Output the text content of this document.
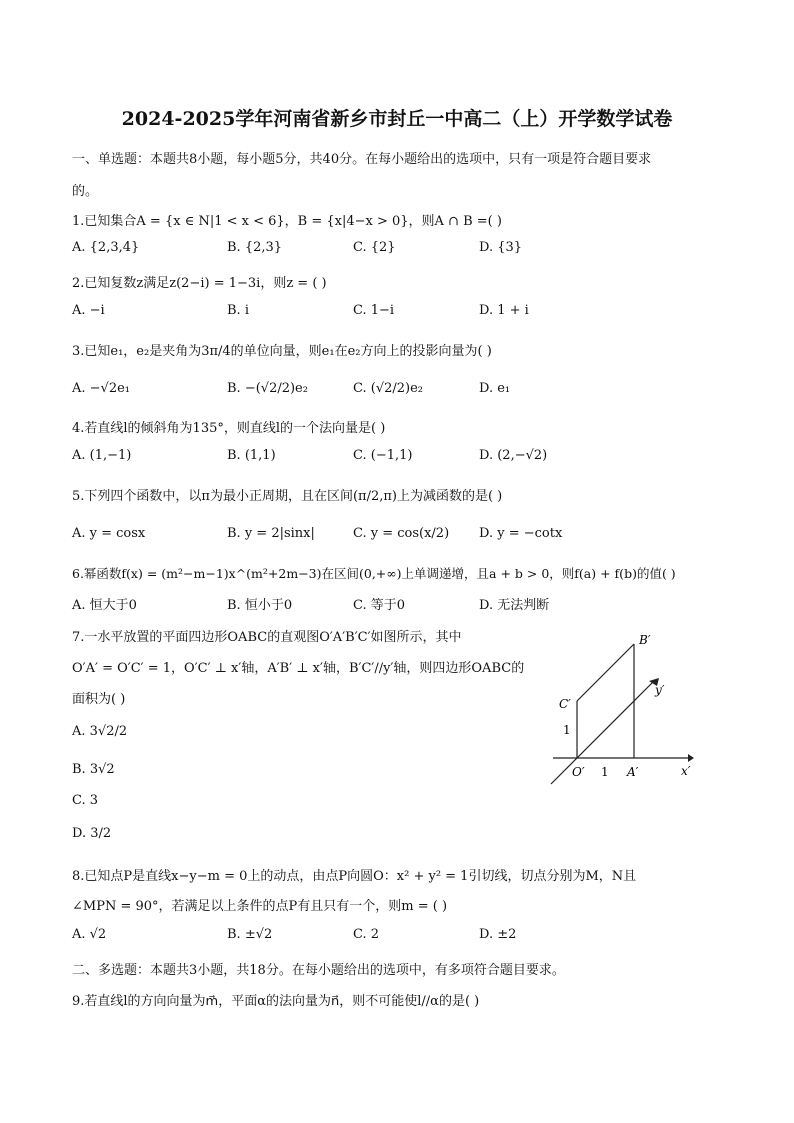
2024-2025学年河南省新乡市封丘一中高二（上）开学数学试卷
一、单选题：本题共8小题，每小题5分，共40分。在每小题给出的选项中，只有一项是符合题目要求
的。
1.已知集合A = {x ∈ N|1 < x < 6}，B = {x|4−x > 0}，则A ∩ B =( )
A. {2,3,4}	B. {2,3}	C. {2}	D. {3}
2.已知复数z满足z(2−i) = 1−3i，则z = ( )
A. −i	B. i	C. 1−i	D. 1 + i
3.已知e₁，e₂是夹角为3π/4的单位向量，则e₁在e₂方向上的投影向量为( )
A. −√2e₁	B. −(√2/2)e₂	C. (√2/2)e₂	D. e₁
4.若直线l的倾斜角为135°，则直线l的一个法向量是( )
A. (1,−1)	B. (1,1)	C. (−1,1)	D. (2,−√2)
5.下列四个函数中，以π为最小正周期，且在区间(π/2,π)上为减函数的是( )
A. y = cosx	B. y = 2|sinx|	C. y = cos(x/2) D. y = −cotx
6.幂函数f(x) = (m²−m−1)x^(m²+2m−3)在区间(0,+∞)上单调递增，且a + b > 0，则f(a) + f(b)的值( )
A. 恒大于0	B. 恒小于0	C. 等于0	D. 无法判断
7.一水平放置的平面四边形OABC的直观图O′A′B′C′如图所示，其中
O′A′ = O′C′ = 1，O′C′ ⊥ x′轴，A′B′ ⊥ x′轴，B′C′//y′轴，则四边形OABC的
面积为( )
A. 3√2/2
B. 3√2
C. 3
D. 3/2
B′
C′
y′
x′
O′	A′
1
1
8.已知点P是直线x−y−m = 0上的动点，由点P向圆O：x² + y² = 1引切线，切点分别为M，N且
∠MPN = 90°，若满足以上条件的点P有且只有一个，则m = ( )
A. √2	B. ±√2	C. 2	D. ±2
二、多选题：本题共3小题，共18分。在每小题给出的选项中，有多项符合题目要求。
9.若直线l的方向向量为m⃗，平面α的法向量为n⃗，则不可能使l//α的是( )
